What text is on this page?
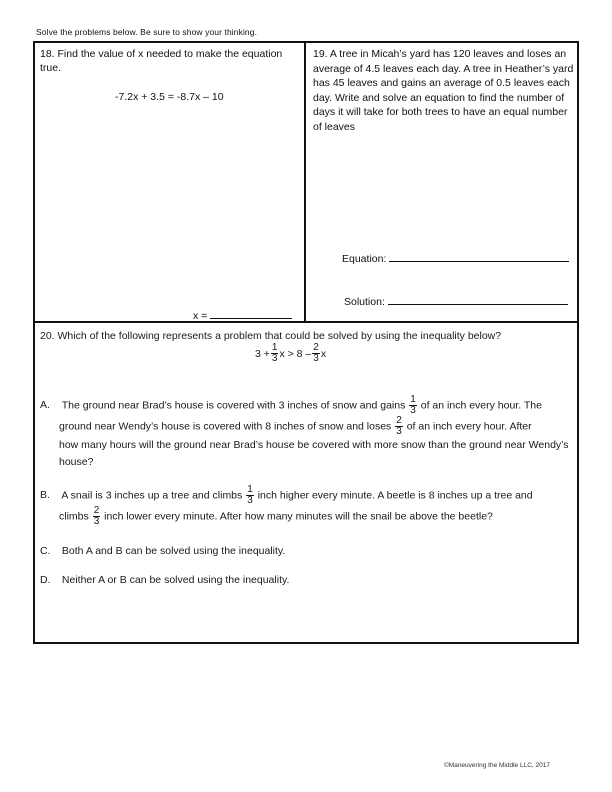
Solve the problems below. Be sure to show your thinking.
18. Find the value of x needed to make the equation true.
-7.2x + 3.5 = -8.7x – 10
x =
19. A tree in Micah’s yard has 120 leaves and loses an average of 4.5 leaves each day. A tree in Heather’s yard has 45 leaves and gains an average of 0.5 leaves each day. Write and solve an equation to find the number of days it will take for both trees to have an equal number of leaves
Equation:
Solution:
20. Which of the following represents a problem that could be solved by using the inequality below?
$3 + \frac{1}{3}$ $x > 8 - \frac{2}{3}$ x
A. The ground near Brad’s house is covered with 3 inches of snow and gains $\frac{1}{3}$ of an inch every hour. The
ground near Wendy’s house is covered with 8 inches of snow and loses $\frac{2}{3}$ of an inch every hour. After
how many hours will the ground near Brad’s house be covered with more snow than the ground near Wendy’s house?
B. A snail is 3 inches up a tree and climbs $\frac{1}{3}$ inch higher every minute. A beetle is 8 inches up a tree and
climbs $\frac{2}{3}$ inch lower every minute. After how many minutes will the snail be above the beetle?
C. Both A and B can be solved using the inequality.
D. Neither A or B can be solved using the inequality.
©Maneuvering the Middle LLC, 2017
